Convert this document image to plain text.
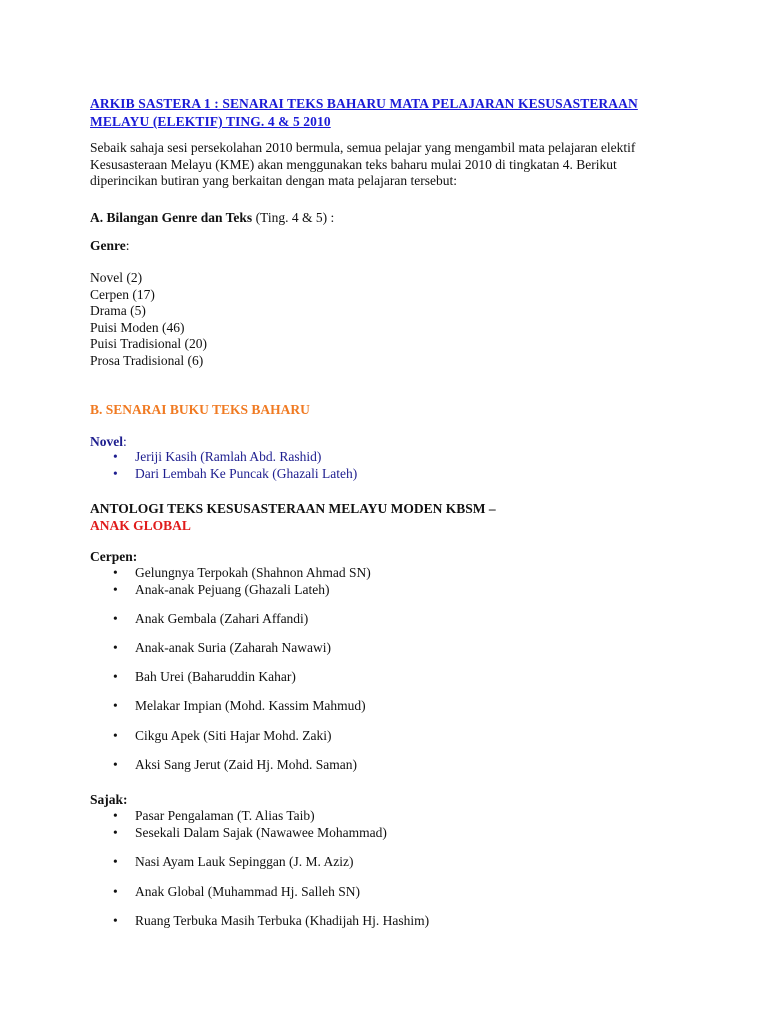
ARKIB SASTERA 1 : SENARAI TEKS BAHARU MATA PELAJARAN KESUSASTERAAN MELAYU (ELEKTIF) TING. 4 & 5 2010
Sebaik sahaja sesi persekolahan 2010 bermula, semua pelajar yang mengambil mata pelajaran elektif Kesusasteraan Melayu (KME) akan menggunakan teks baharu mulai 2010 di tingkatan 4. Berikut diperincikan butiran yang berkaitan dengan mata pelajaran tersebut:
A. Bilangan Genre dan Teks (Ting. 4 & 5) :
Genre:
Novel (2)
Cerpen (17)
Drama (5)
Puisi Moden (46)
Puisi Tradisional (20)
Prosa Tradisional (6)
B. SENARAI BUKU TEKS BAHARU
Novel:
• Jeriji Kasih (Ramlah Abd. Rashid)
• Dari Lembah Ke Puncak (Ghazali Lateh)
ANTOLOGI TEKS KESUSASTERAAN MELAYU MODEN KBSM –
ANAK GLOBAL
Cerpen:
• Gelungnya Terpokah (Shahnon Ahmad SN)
• Anak-anak Pejuang (Ghazali Lateh)
• Anak Gembala (Zahari Affandi)
• Anak-anak Suria (Zaharah Nawawi)
• Bah Urei (Baharuddin Kahar)
• Melakar Impian (Mohd. Kassim Mahmud)
• Cikgu Apek (Siti Hajar Mohd. Zaki)
• Aksi Sang Jerut (Zaid Hj. Mohd. Saman)
Sajak:
• Pasar Pengalaman (T. Alias Taib)
• Sesekali Dalam Sajak (Nawawee Mohammad)
• Nasi Ayam Lauk Sepinggan (J. M. Aziz)
• Anak Global (Muhammad Hj. Salleh SN)
• Ruang Terbuka Masih Terbuka (Khadijah Hj. Hashim)
